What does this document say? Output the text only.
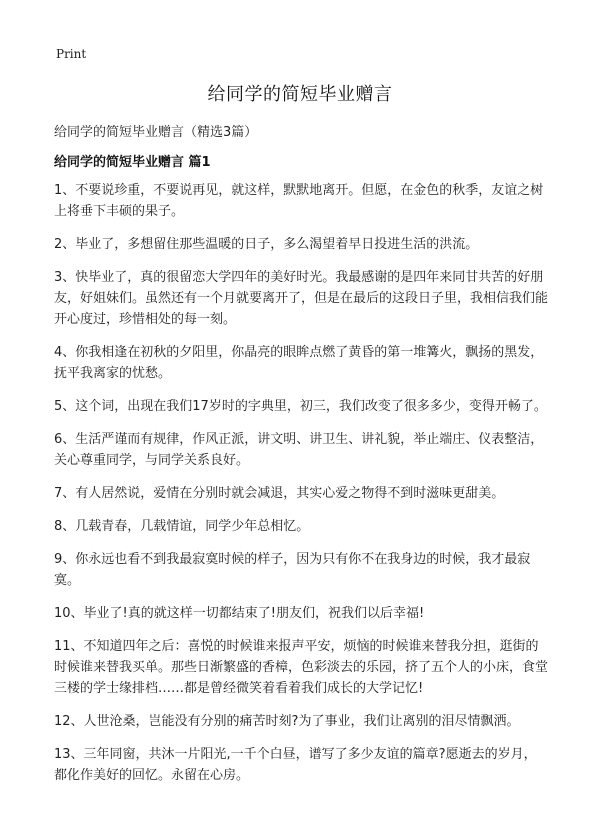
Print
给同学的简短毕业赠言
给同学的简短毕业赠言（精选3篇）
给同学的简短毕业赠言 篇1

1、不要说珍重，不要说再见，就这样，默默地离开。但愿，在金色的秋季，友谊之树上将垂下丰硕的果子。

2、毕业了，多想留住那些温暖的日子，多么渴望着早日投进生活的洪流。

3、快毕业了，真的很留恋大学四年的美好时光。我最感谢的是四年来同甘共苦的好朋友，好姐妹们。虽然还有一个月就要离开了，但是在最后的这段日子里，我相信我们能开心度过，珍惜相处的每一刻。

4、你我相逢在初秋的夕阳里，你晶亮的眼眸点燃了黄昏的第一堆篝火，飘扬的黑发，抚平我离家的忧愁。

5、这个词，出现在我们17岁时的字典里，初三，我们改变了很多多少，变得开畅了。

6、生活严谨而有规律，作风正派，讲文明、讲卫生、讲礼貌，举止端庄、仪表整洁，关心尊重同学，与同学关系良好。

7、有人居然说，爱情在分别时就会减退，其实心爱之物得不到时滋味更甜美。

8、几载青春，几载情谊，同学少年总相忆。

9、你永远也看不到我最寂寞时候的样子，因为只有你不在我身边的时候，我才最寂寞。

10、毕业了!真的就这样一切都结束了!朋友们，祝我们以后幸福!

11、不知道四年之后：喜悦的时候谁来报声平安，烦恼的时候谁来替我分担，逛街的时候谁来替我买单。那些日渐繁盛的香樟，色彩淡去的乐园，挤了五个人的小床，食堂三楼的学士缘排档……都是曾经微笑着看着我们成长的大学记忆!

12、人世沧桑，岂能没有分别的痛苦时刻?为了事业，我们让离别的泪尽情飘洒。

13、三年同窗，共沐一片阳光,一千个白昼，谱写了多少友谊的篇章?愿逝去的岁月，都化作美好的回忆。永留在心房。
